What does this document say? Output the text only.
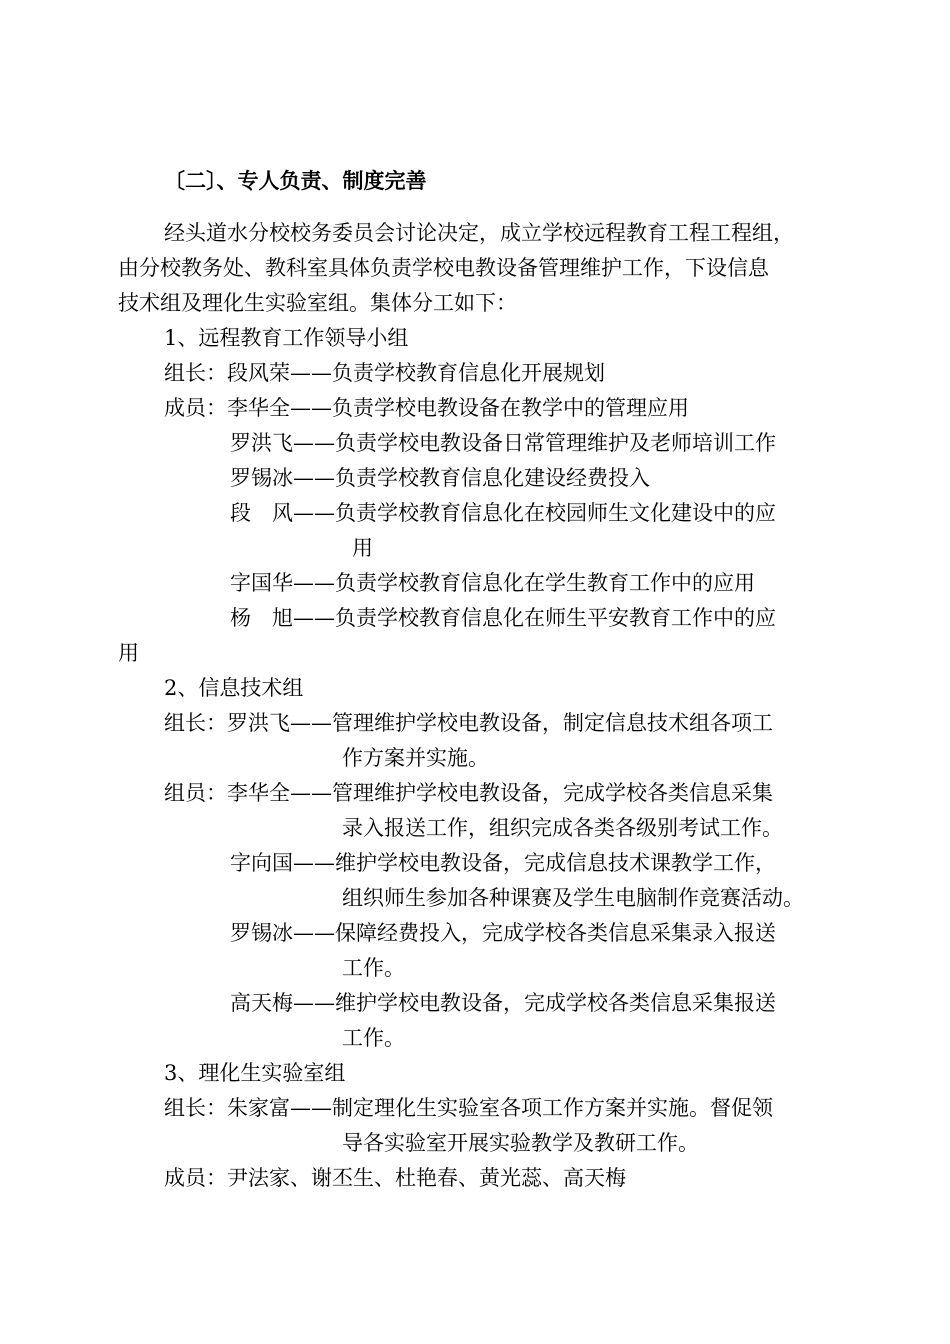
〔二〕、专人负责、制度完善
经头道水分校校务委员会讨论决定，成立学校远程教育工程工程组，
由分校教务处、教科室具体负责学校电教设备管理维护工作，下设信息
技术组及理化生实验室组。集体分工如下：
1、远程教育工作领导小组
组长：段风荣——负责学校教育信息化开展规划
成员：李华全——负责学校电教设备在教学中的管理应用
罗洪飞——负责学校电教设备日常管理维护及老师培训工作
罗锡冰——负责学校教育信息化建设经费投入
段　风——负责学校教育信息化在校园师生文化建设中的应
用
字国华——负责学校教育信息化在学生教育工作中的应用
杨　旭——负责学校教育信息化在师生平安教育工作中的应
用
2、信息技术组
组长：罗洪飞——管理维护学校电教设备，制定信息技术组各项工
作方案并实施。
组员：李华全——管理维护学校电教设备，完成学校各类信息采集
录入报送工作，组织完成各类各级别考试工作。
字向国——维护学校电教设备，完成信息技术课教学工作，
组织师生参加各种课赛及学生电脑制作竞赛活动。
罗锡冰——保障经费投入，完成学校各类信息采集录入报送
工作。
高天梅——维护学校电教设备，完成学校各类信息采集报送
工作。
3、理化生实验室组
组长：朱家富——制定理化生实验室各项工作方案并实施。督促领
导各实验室开展实验教学及教研工作。
成员：尹法家、谢丕生、杜艳春、黄光蕊、高天梅
